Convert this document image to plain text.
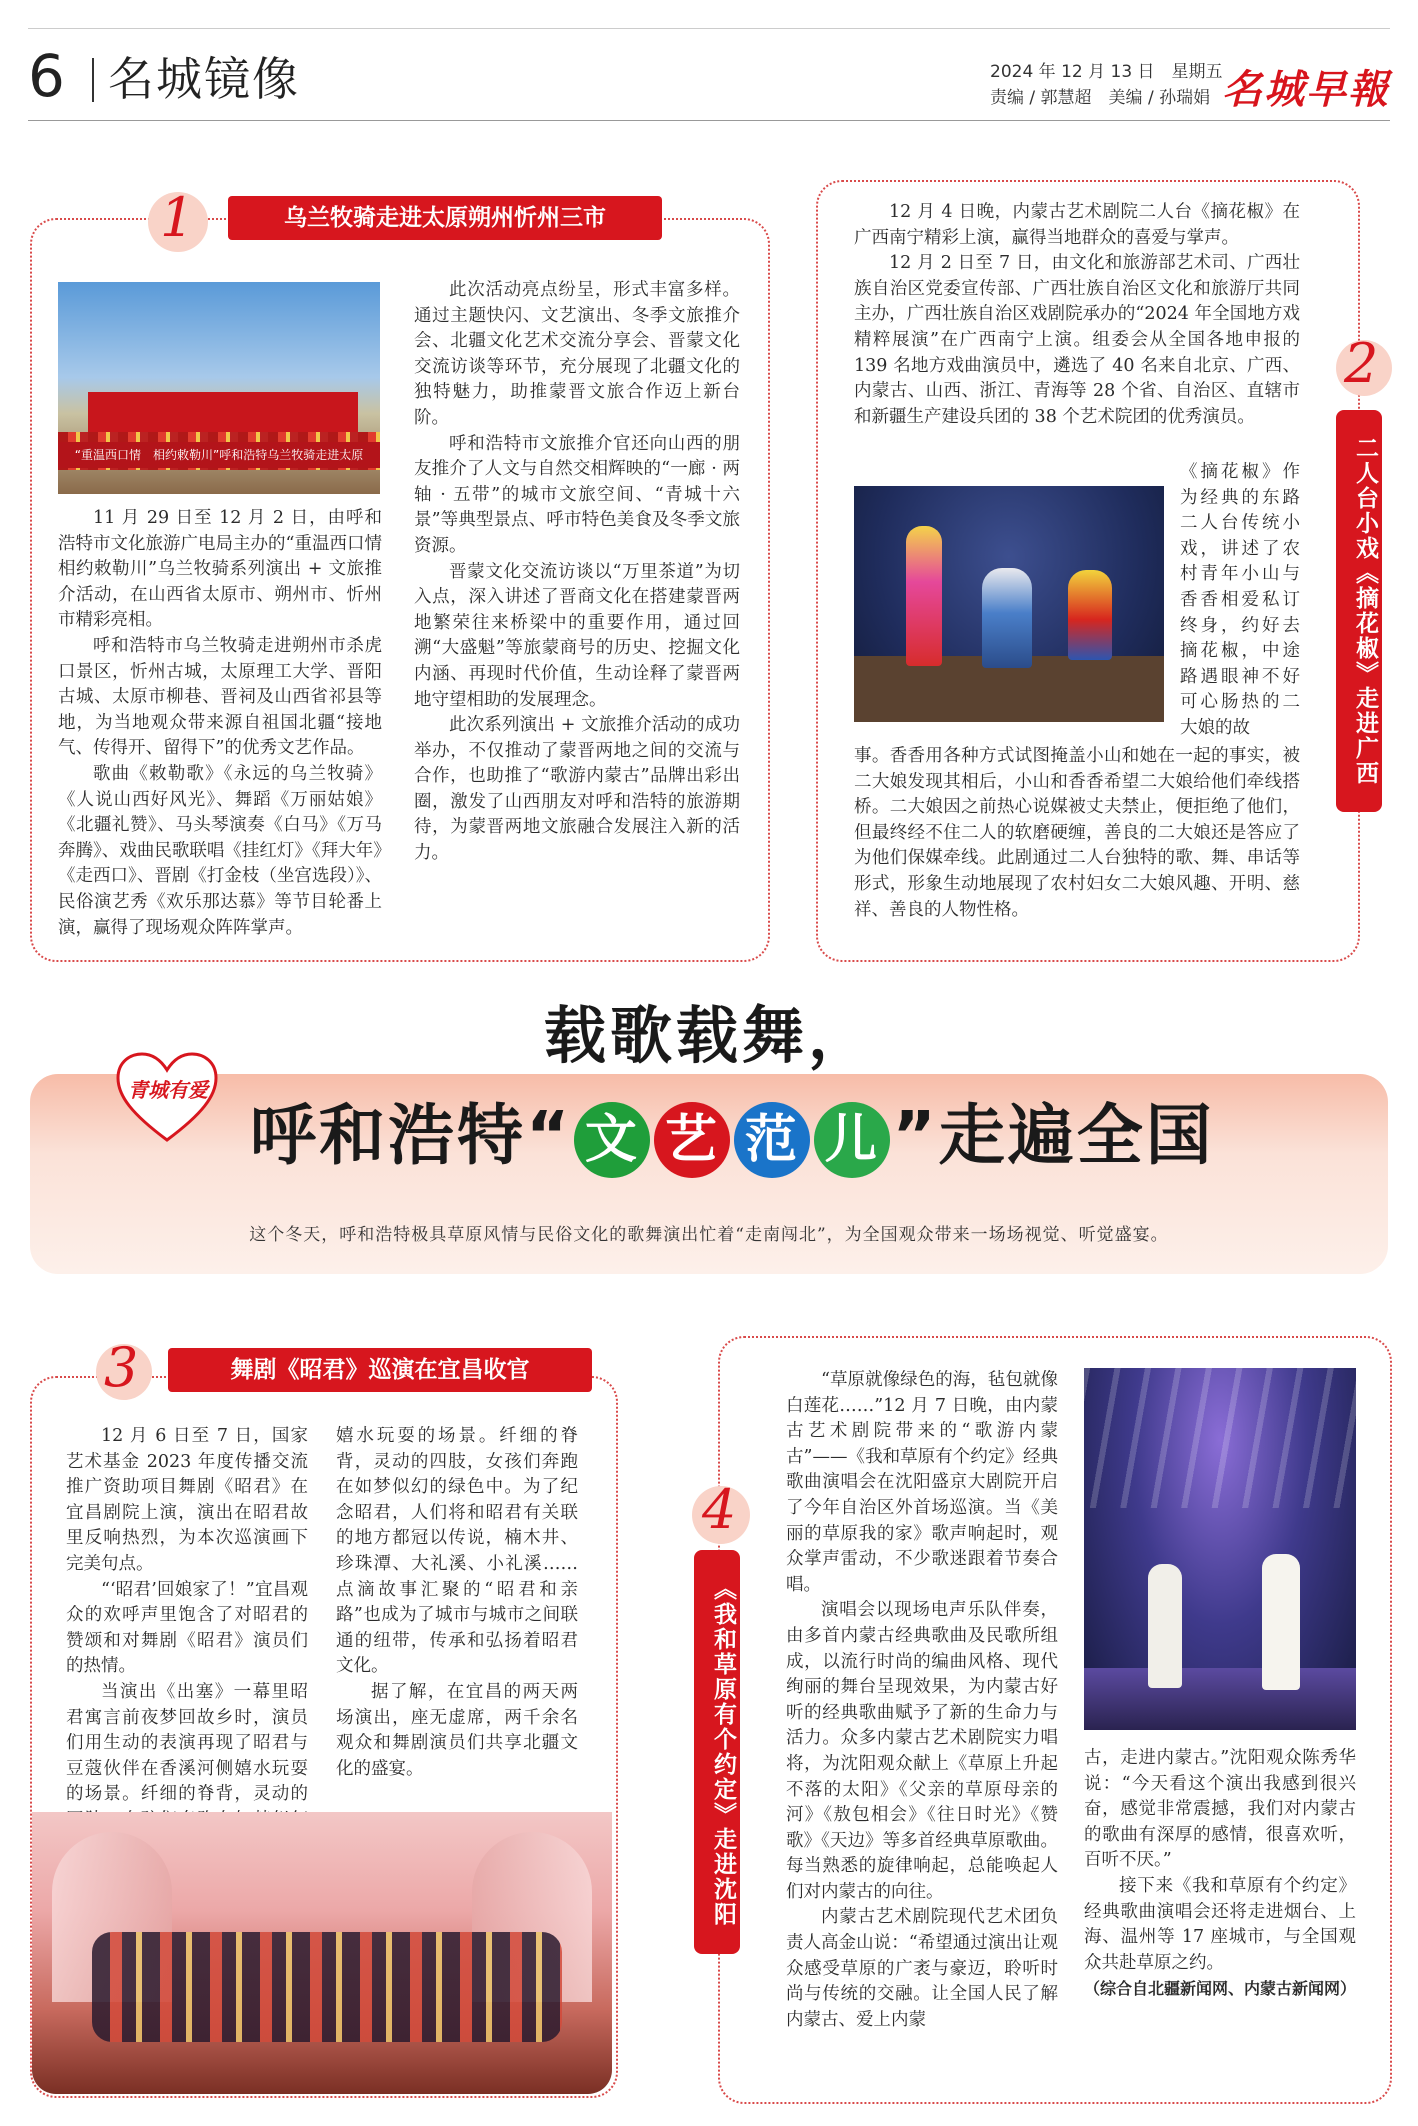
6 名城镜像	2024 年 12 月 13 日　星期五
责编 / 郭慧超　美编 / 孙瑞娟 名城早報
1	乌兰牧骑走进太原朔州忻州三市
“重温西口情　相约敕勒川”呼和浩特乌兰牧骑走进太原

11 月 29 日至 12 月 2 日，由呼和浩特市文化旅游广电局主办的“重温西口情 相约敕勒川”乌兰牧骑系列演出 + 文旅推介活动，在山西省太原市、朔州市、忻州市精彩亮相。

呼和浩特市乌兰牧骑走进朔州市杀虎口景区，忻州古城，太原理工大学、晋阳古城、太原市柳巷、晋祠及山西省祁县等地，为当地观众带来源自祖国北疆“接地气、传得开、留得下”的优秀文艺作品。

歌曲《敕勒歌》《永远的乌兰牧骑》《人说山西好风光》、舞蹈《万丽姑娘》《北疆礼赞》、马头琴演奏《白马》《万马奔腾》、戏曲民歌联唱《挂红灯》《拜大年》《走西口》、晋剧《打金枝（坐宫选段）》、民俗演艺秀《欢乐那达慕》等节目轮番上演，赢得了现场观众阵阵掌声。

此次活动亮点纷呈，形式丰富多样。通过主题快闪、文艺演出、冬季文旅推介会、北疆文化艺术交流分享会、晋蒙文化交流访谈等环节，充分展现了北疆文化的独特魅力，助推蒙晋文旅合作迈上新台阶。

呼和浩特市文旅推介官还向山西的朋友推介了人文与自然交相辉映的“一廊 · 两轴 · 五带”的城市文旅空间、“青城十六景”等典型景点、呼市特色美食及冬季文旅资源。

晋蒙文化交流访谈以“万里茶道”为切入点，深入讲述了晋商文化在搭建蒙晋两地繁荣往来桥梁中的重要作用，通过回溯“大盛魁”等旅蒙商号的历史、挖掘文化内涵、再现时代价值，生动诠释了蒙晋两地守望相助的发展理念。

此次系列演出 + 文旅推介活动的成功举办，不仅推动了蒙晋两地之间的交流与合作，也助推了“歌游内蒙古”品牌出彩出圈，激发了山西朋友对呼和浩特的旅游期待，为蒙晋两地文旅融合发展注入新的活力。

2
二人台小戏《摘花椒》走进广西

12 月 4 日晚，内蒙古艺术剧院二人台《摘花椒》在广西南宁精彩上演，赢得当地群众的喜爱与掌声。

12 月 2 日至 7 日，由文化和旅游部艺术司、广西壮族自治区党委宣传部、广西壮族自治区文化和旅游厅共同主办，广西壮族自治区戏剧院承办的“2024 年全国地方戏精粹展演”在广西南宁上演。组委会从全国各地申报的 139 名地方戏曲演员中，遴选了 40 名来自北京、广西、内蒙古、山西、浙江、青海等 28 个省、自治区、直辖市和新疆生产建设兵团的 38 个艺术院团的优秀演员。

《摘花椒》作为经典的东路二人台传统小戏，讲述了农村青年小山与香香相爱私订终身，约好去摘花椒，中途路遇眼神不好可心肠热的二大娘的故

事。香香用各种方式试图掩盖小山和她在一起的事实，被二大娘发现其相后，小山和香香希望二大娘给他们牵线搭桥。二大娘因之前热心说媒被丈夫禁止，便拒绝了他们，但最终经不住二人的软磨硬缠，善良的二大娘还是答应了为他们保媒牵线。此剧通过二人台独特的歌、舞、串话等形式，形象生动地展现了农村妇女二大娘风趣、开明、慈祥、善良的人物性格。

载歌载舞，
青城有爱
呼和浩特“ 文 艺 范 儿 ”走遍全国
这个冬天，呼和浩特极具草原风情与民俗文化的歌舞演出忙着“走南闯北”，为全国观众带来一场场视觉、听觉盛宴。
3	舞剧《昭君》巡演在宜昌收官

12 月 6 日至 7 日，国家艺术基金 2023 年度传播交流推广资助项目舞剧《昭君》在宜昌剧院上演，演出在昭君故里反响热烈，为本次巡演画下完美句点。

“‘昭君’回娘家了！”宜昌观众的欢呼声里饱含了对昭君的赞颂和对舞剧《昭君》演员们的热情。

当演出《出塞》一幕里昭君寓言前夜梦回故乡时，演员们用生动的表演再现了昭君与豆蔻伙伴在香溪河侧嬉水玩耍的场景。纤细的脊背，灵动的

嬉水玩耍的场景。纤细的脊背，灵动的四肢，女孩们奔跑在如梦似幻的绿色中。为了纪念昭君，人们将和昭君有关联的地方都冠以传说，楠木井、珍珠潭、大礼溪、小礼溪……点滴故事汇聚的“昭君和亲路”也成为了城市与城市之间联通的纽带，传承和弘扬着昭君文化。

据了解，在宜昌的两天两场演出，座无虚席，两千余名观众和舞剧演员们共享北疆文化的盛宴。

4
《我和草原有个约定》走进沈阳

“草原就像绿色的海，毡包就像白莲花……”12 月 7 日晚，由内蒙古艺术剧院带来的“歌游内蒙古”——《我和草原有个约定》经典歌曲演唱会在沈阳盛京大剧院开启了今年自治区外首场巡演。当《美丽的草原我的家》歌声响起时，观众掌声雷动，不少歌迷跟着节奏合唱。

演唱会以现场电声乐队伴奏，由多首内蒙古经典歌曲及民歌所组成，以流行时尚的编曲风格、现代绚丽的舞台呈现效果，为内蒙古好听的经典歌曲赋予了新的生命力与活力。众多内蒙古艺术剧院实力唱将，为沈阳观众献上《草原上升起不落的太阳》《父亲的草原母亲的河》《敖包相会》《往日时光》《赞歌》《天边》等多首经典草原歌曲。每当熟悉的旋律响起，总能唤起人们对内蒙古的向往。

内蒙古艺术剧院现代艺术团负责人高金山说：“希望通过演出让观众感受草原的广袤与豪迈，聆听时尚与传统的交融。让全国人民了解内蒙古、爱上内蒙

古，走进内蒙古。”沈阳观众陈秀华说：“今天看这个演出我感到很兴奋，感觉非常震撼，我们对内蒙古的歌曲有深厚的感情，很喜欢听，百听不厌。”

接下来《我和草原有个约定》经典歌曲演唱会还将走进烟台、上海、温州等 17 座城市，与全国观众共赴草原之约。

（综合自北疆新闻网、内蒙古新闻网）
